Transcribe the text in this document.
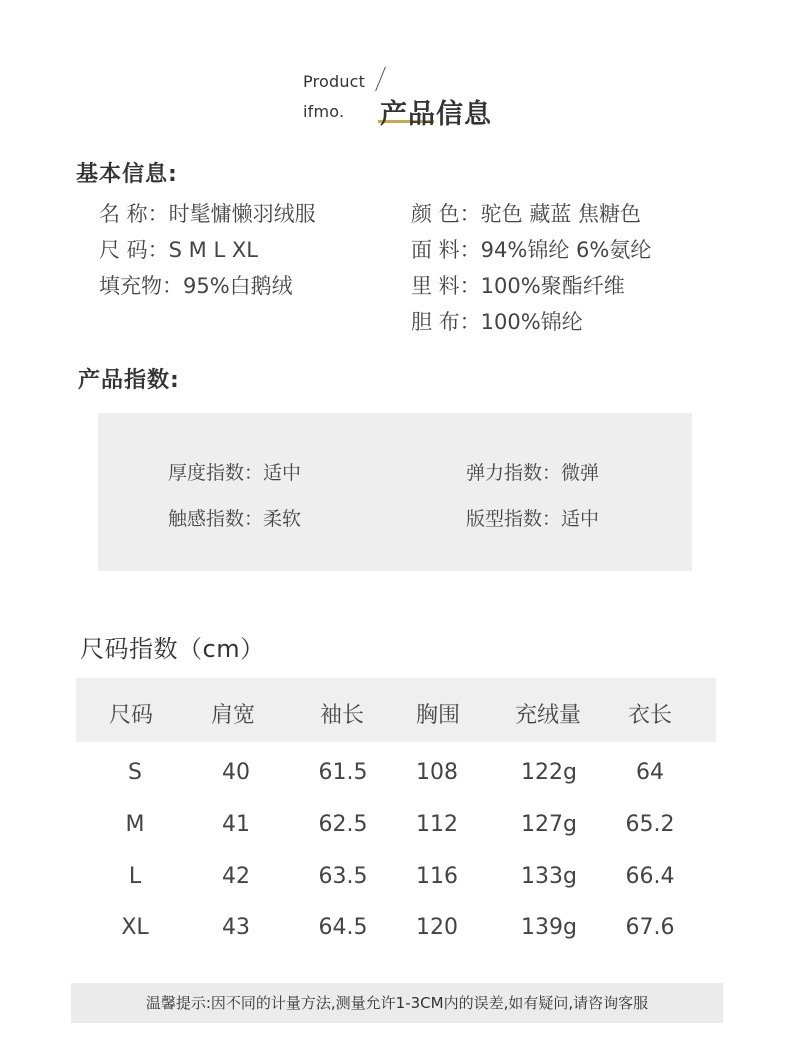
Product
ifmo. 产品信息
基本信息:
名 称：时髦慵懒羽绒服
尺 码：S M L XL
填充物：95%白鹅绒
颜 色：驼色 藏蓝 焦糖色
面 料：94%锦纶 6%氨纶
里 料：100%聚酯纤维
胆 布：100%锦纶
产品指数:
厚度指数：适中	弹力指数：微弹
触感指数：柔软	版型指数：适中
尺码指数（cm）
尺码	肩宽	袖长 胸围 充绒量 衣长
S	40	61.5 108	122g	64
M	41	62.5 112	127g 65.2
L	42	63.5 116	133g 66.4
XL	43	64.5 120	139g 67.6
温馨提示:因不同的计量方法,测量允许1-3CM内的误差,如有疑问,请咨询客服
